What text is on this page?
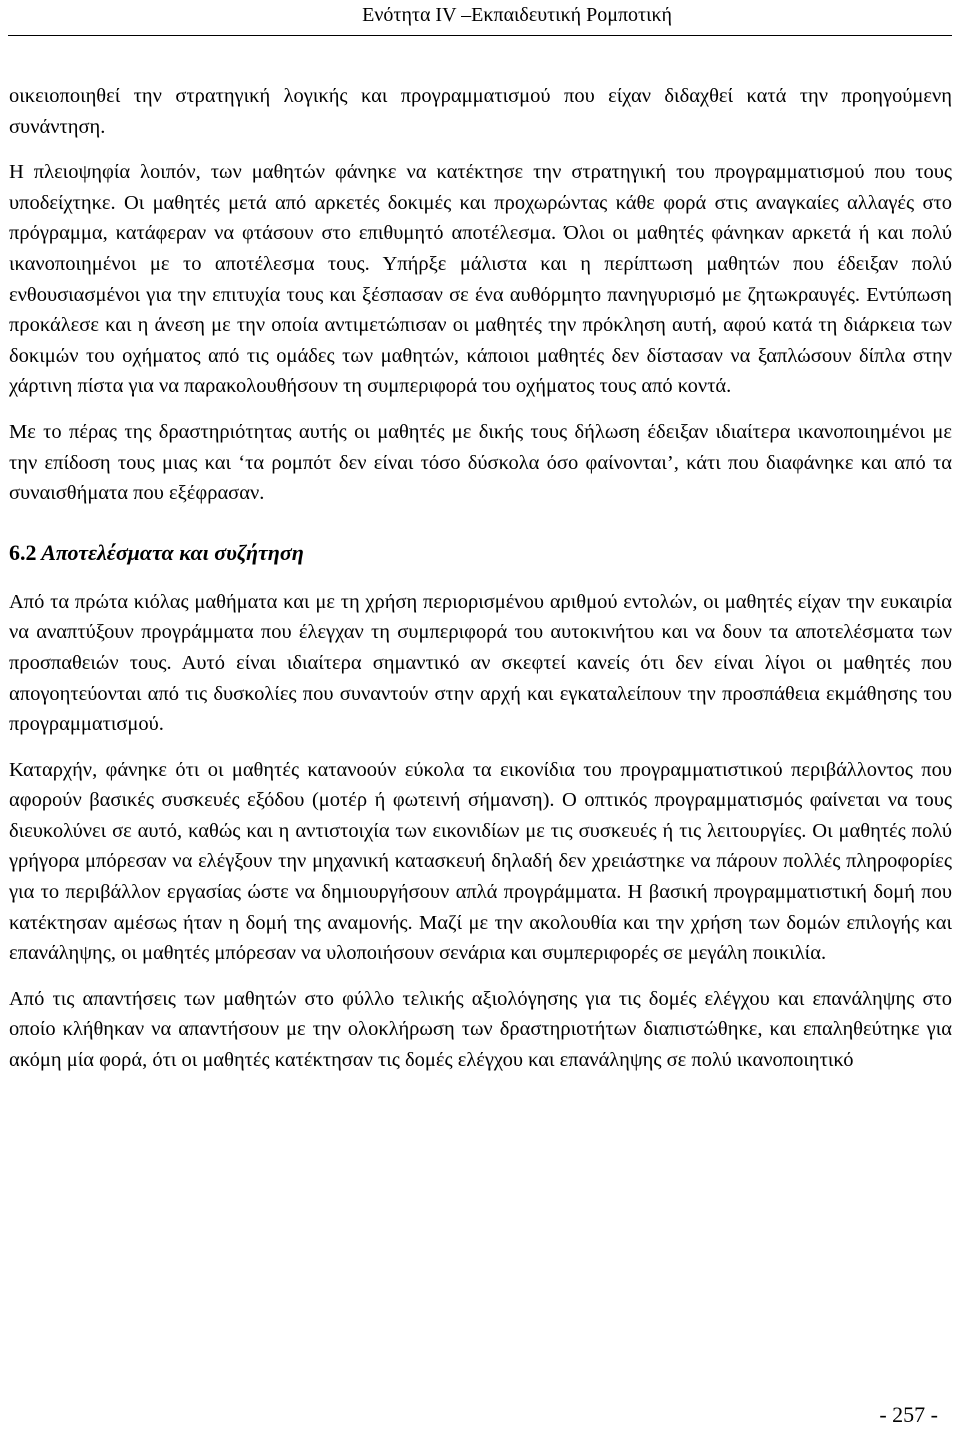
Ενότητα IV –Εκπαιδευτική Ρομποτική

οικειοποιηθεί την στρατηγική λογικής και προγραμματισμού που είχαν διδαχθεί κατά την προηγούμενη συνάντηση.

Η πλειοψηφία λοιπόν, των μαθητών φάνηκε να κατέκτησε την στρατηγική του προγραμματισμού που τους υποδείχτηκε. Οι μαθητές μετά από αρκετές δοκιμές και προχωρώντας κάθε φορά στις αναγκαίες αλλαγές στο πρόγραμμα, κατάφεραν να φτάσουν στο επιθυμητό αποτέλεσμα. Όλοι οι μαθητές φάνηκαν αρκετά ή και πολύ ικανοποιημένοι με το αποτέλεσμα τους. Υπήρξε μάλιστα και η περίπτωση μαθητών που έδειξαν πολύ ενθουσιασμένοι για την επιτυχία τους και ξέσπασαν σε ένα αυθόρμητο πανηγυρισμό με ζητωκραυγές. Εντύπωση προκάλεσε και η άνεση με την οποία αντιμετώπισαν οι μαθητές την πρόκληση αυτή, αφού κατά τη διάρκεια των δοκιμών του οχήματος από τις ομάδες των μαθητών, κάποιοι μαθητές δεν δίστασαν να ξαπλώσουν δίπλα στην χάρτινη πίστα για να παρακολουθήσουν τη συμπεριφορά του οχήματος τους από κοντά.

Με το πέρας της δραστηριότητας αυτής οι μαθητές με δικής τους δήλωση έδειξαν ιδιαίτερα ικανοποιημένοι με την επίδοση τους μιας και ‘τα ρομπότ δεν είναι τόσο δύσκολα όσο φαίνονται’, κάτι που διαφάνηκε και από τα συναισθήματα που εξέφρασαν.

6.2 Αποτελέσματα και συζήτηση

Από τα πρώτα κιόλας μαθήματα και με τη χρήση περιορισμένου αριθμού εντολών, οι μαθητές είχαν την ευκαιρία να αναπτύξουν προγράμματα που έλεγχαν τη συμπεριφορά του αυτοκινήτου και να δουν τα αποτελέσματα των προσπαθειών τους. Αυτό είναι ιδιαίτερα σημαντικό αν σκεφτεί κανείς ότι δεν είναι λίγοι οι μαθητές που απογοητεύονται από τις δυσκολίες που συναντούν στην αρχή και εγκαταλείπουν την προσπάθεια εκμάθησης του προγραμματισμού.

Καταρχήν, φάνηκε ότι οι μαθητές κατανοούν εύκολα τα εικονίδια του προγραμματιστικού περιβάλλοντος που αφορούν βασικές συσκευές εξόδου (μοτέρ ή φωτεινή σήμανση). Ο οπτικός προγραμματισμός φαίνεται να τους διευκολύνει σε αυτό, καθώς και η αντιστοιχία των εικονιδίων με τις συσκευές ή τις λειτουργίες. Οι μαθητές πολύ γρήγορα μπόρεσαν να ελέγξουν την μηχανική κατασκευή δηλαδή δεν χρειάστηκε να πάρουν πολλές πληροφορίες για το περιβάλλον εργασίας ώστε να δημιουργήσουν απλά προγράμματα. Η βασική προγραμματιστική δομή που κατέκτησαν αμέσως ήταν η δομή της αναμονής. Μαζί με την ακολουθία και την χρήση των δομών επιλογής και επανάληψης, οι μαθητές μπόρεσαν να υλοποιήσουν σενάρια και συμπεριφορές σε μεγάλη ποικιλία.

Από τις απαντήσεις των μαθητών στο φύλλο τελικής αξιολόγησης για τις δομές ελέγχου και επανάληψης στο οποίο κλήθηκαν να απαντήσουν με την ολοκλήρωση των δραστηριοτήτων διαπιστώθηκε, και επαληθεύτηκε για ακόμη μία φορά, ότι οι μαθητές κατέκτησαν τις δομές ελέγχου και επανάληψης σε πολύ ικανοποιητικό

- 257 -
